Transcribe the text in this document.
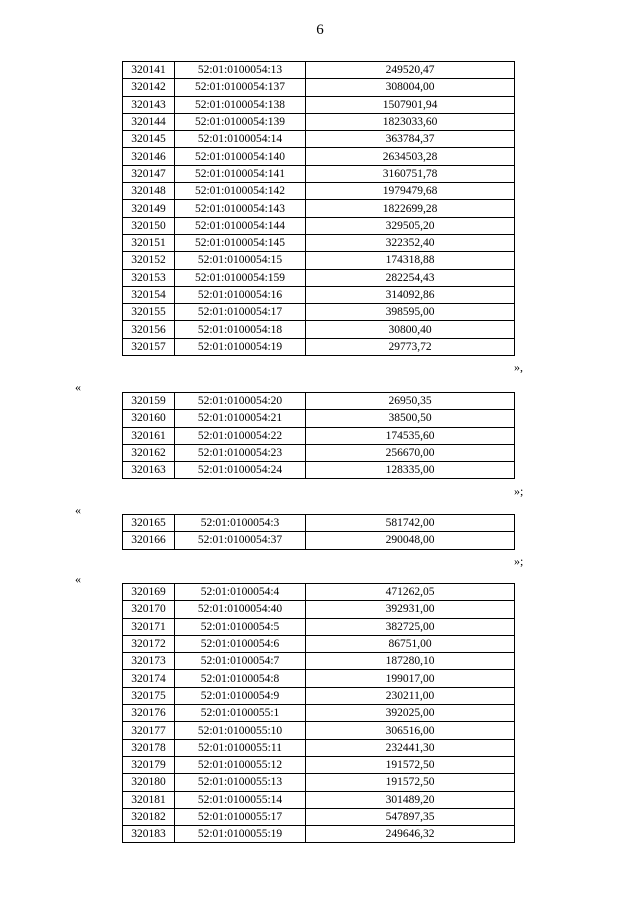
6
320141	52:01:0100054:13	249520,47
320142	52:01:0100054:137	308004,00
320143	52:01:0100054:138	1507901,94
320144	52:01:0100054:139	1823033,60
320145	52:01:0100054:14	363784,37
320146	52:01:0100054:140	2634503,28
320147	52:01:0100054:141	3160751,78
320148	52:01:0100054:142	1979479,68
320149	52:01:0100054:143	1822699,28
320150	52:01:0100054:144	329505,20
320151	52:01:0100054:145	322352,40
320152	52:01:0100054:15	174318,88
320153	52:01:0100054:159	282254,43
320154	52:01:0100054:16	314092,86
320155	52:01:0100054:17	398595,00
320156	52:01:0100054:18	30800,40
320157	52:01:0100054:19	29773,72
»,
«
320159	52:01:0100054:20	26950,35
320160	52:01:0100054:21	38500,50
320161	52:01:0100054:22	174535,60
320162	52:01:0100054:23	256670,00
320163	52:01:0100054:24	128335,00
»;
«
320165	52:01:0100054:3	581742,00
320166	52:01:0100054:37	290048,00
»;
«
320169	52:01:0100054:4	471262,05
320170	52:01:0100054:40	392931,00
320171	52:01:0100054:5	382725,00
320172	52:01:0100054:6	86751,00
320173	52:01:0100054:7	187280,10
320174	52:01:0100054:8	199017,00
320175	52:01:0100054:9	230211,00
320176	52:01:0100055:1	392025,00
320177	52:01:0100055:10	306516,00
320178	52:01:0100055:11	232441,30
320179	52:01:0100055:12	191572,50
320180	52:01:0100055:13	191572,50
320181	52:01:0100055:14	301489,20
320182	52:01:0100055:17	547897,35
320183	52:01:0100055:19	249646,32
